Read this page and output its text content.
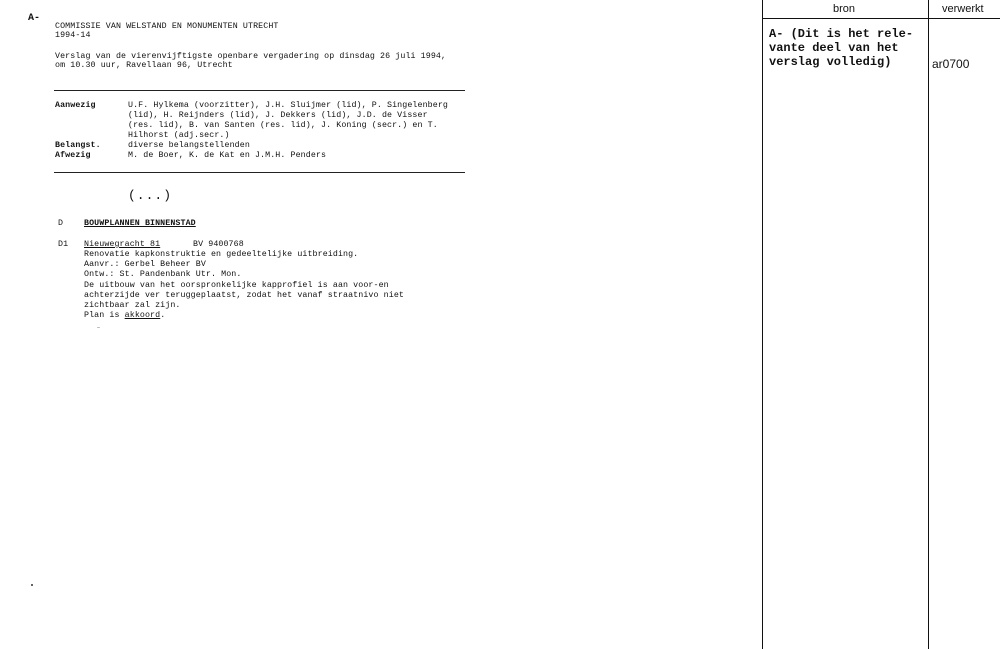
A-
COMMISSIE VAN WELSTAND EN MONUMENTEN UTRECHT
1994-14
Verslag van de vierenvijftigste openbare vergadering op dinsdag 26 juli 1994,
om 10.30 uur, Ravellaan 96, Utrecht
Aanwezig	U.F. Hylkema (voorzitter), J.H. Sluijmer (lid), P. Singelenberg
(lid), H. Reijnders (lid), J. Dekkers (lid), J.D. de Visser
(res. lid), B. van Santen (res. lid), J. Koning (secr.) en T.
Hilhorst (adj.secr.)
Belangst.	diverse belangstellenden
Afwezig	M. de Boer, K. de Kat en J.M.H. Penders
(...)
D	BOUWPLANNEN BINNENSTAD
D1 Nieuwegracht 81	BV 9400768
Renovatie kapkonstruktie en gedeeltelijke uitbreiding.
Aanvr.: Gerbel Beheer BV
Ontw.: St. Pandenbank Utr. Mon.
De uitbouw van het oorspronkelijke kapprofiel is aan voor-en
achterzijde ver teruggeplaatst, zodat het vanaf straatnivo niet
zichtbaar zal zijn.
Plan is akkoord.
bron	verwerkt
A- (Dit is het rele-
vante deel van het
verslag volledig)	ar0700
